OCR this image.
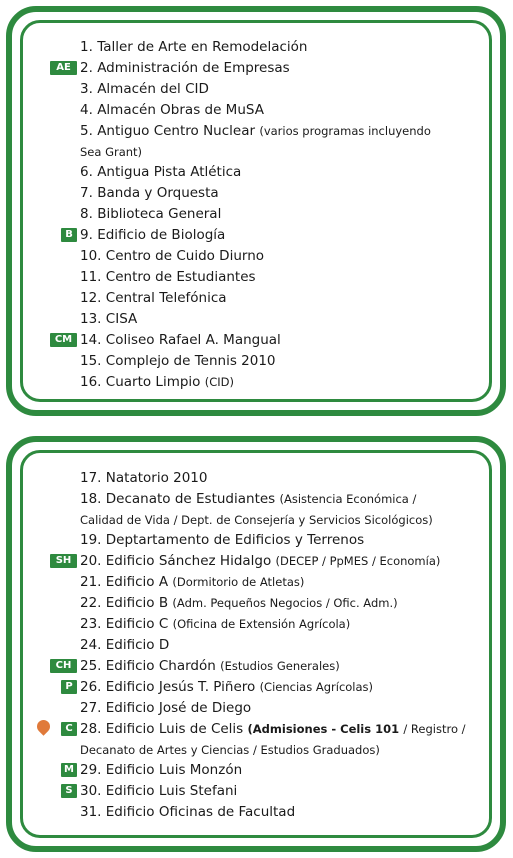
1. Taller de Arte en Remodelación
AE 2. Administración de Empresas
3. Almacén del CID
4. Almacén Obras de MuSA
5. Antiguo Centro Nuclear (varios programas incluyendo
Sea Grant)
6. Antigua Pista Atlética
7. Banda y Orquesta
8. Biblioteca General
B 9. Edificio de Biología
10. Centro de Cuido Diurno
11. Centro de Estudiantes
12. Central Telefónica
13. CISA
CM 14. Coliseo Rafael A. Mangual
15. Complejo de Tennis 2010
16. Cuarto Limpio (CID)
17. Natatorio 2010
18. Decanato de Estudiantes (Asistencia Económica /
Calidad de Vida / Dept. de Consejería y Servicios Sicológicos)
19. Deptartamento de Edificios y Terrenos
SH 20. Edificio Sánchez Hidalgo (DECEP / PpMES / Economía)
21. Edificio A (Dormitorio de Atletas)
22. Edificio B (Adm. Pequeños Negocios / Ofic. Adm.)
23. Edificio C (Oficina de Extensión Agrícola)
24. Edificio D
CH 25. Edificio Chardón (Estudios Generales)
P 26. Edificio Jesús T. Piñero (Ciencias Agrícolas)
27. Edificio José de Diego
C 28. Edificio Luis de Celis (Admisiones - Celis 101 / Registro /
Decanato de Artes y Ciencias / Estudios Graduados)
M 29. Edificio Luis Monzón
S 30. Edificio Luis Stefani
31. Edificio Oficinas de Facultad
